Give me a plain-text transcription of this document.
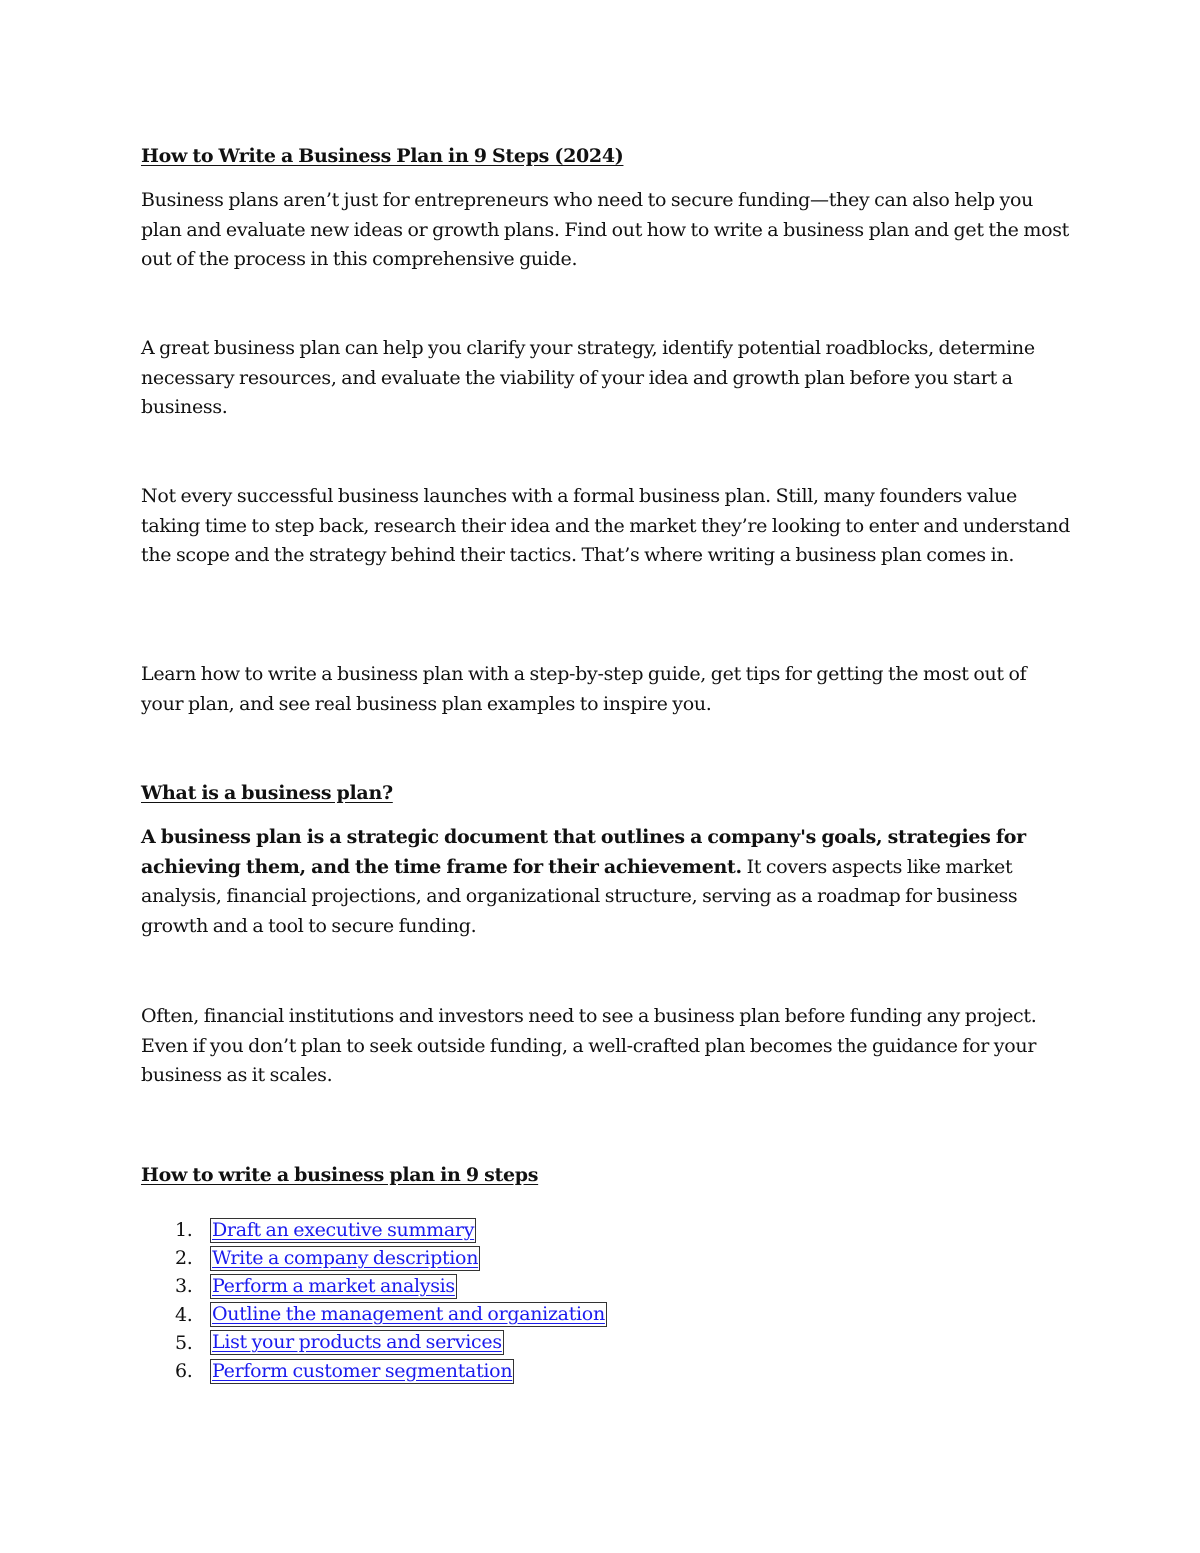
How to Write a Business Plan in 9 Steps (2024)

Business plans aren’t just for entrepreneurs who need to secure funding—they can also help you plan and evaluate new ideas or growth plans. Find out how to write a business plan and get the most out of the process in this comprehensive guide.

A great business plan can help you clarify your strategy, identify potential roadblocks, determine necessary resources, and evaluate the viability of your idea and growth plan before you start a business.

Not every successful business launches with a formal business plan. Still, many founders value taking time to step back, research their idea and the market they’re looking to enter and understand the scope and the strategy behind their tactics. That’s where writing a business plan comes in.

Learn how to write a business plan with a step-by-step guide, get tips for getting the most out of your plan, and see real business plan examples to inspire you.

What is a business plan?

A business plan is a strategic document that outlines a company's goals, strategies for achieving them, and the time frame for their achievement. It covers aspects like market analysis, financial projections, and organizational structure, serving as a roadmap for business growth and a tool to secure funding.

Often, financial institutions and investors need to see a business plan before funding any project. Even if you don’t plan to seek outside funding, a well-crafted plan becomes the guidance for your business as it scales.

How to write a business plan in 9 steps

1.	Draft an executive summary
2.	Write a company description
3.	Perform a market analysis
4.	Outline the management and organization
5.	List your products and services
6.	Perform customer segmentation
